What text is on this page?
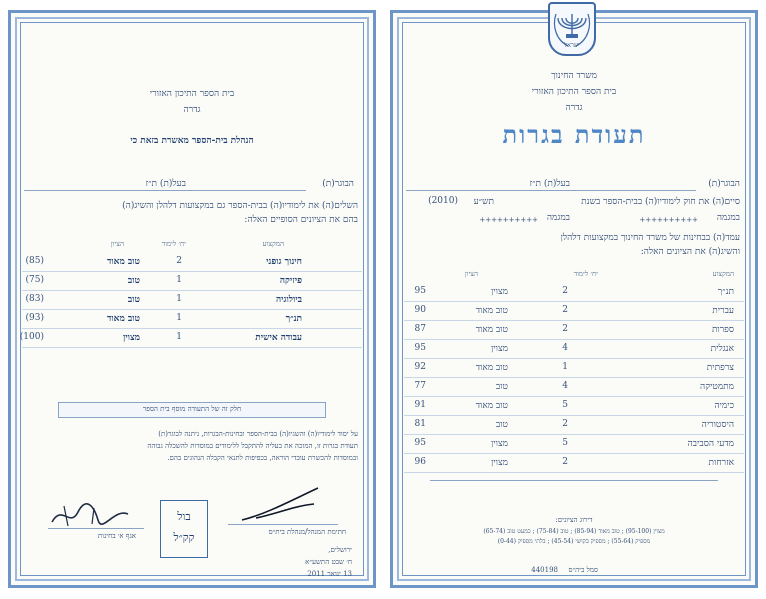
בית הספר התיכון האזורי
גדרה
הנהלת בית-הספר מאשרת בזאת כי
הבוגר(ת)
בעל(ת) ת״ז
השלים(ה) את לימודיו(ה) בבית-הספר גם במקצועות דלהלן והשיג(ה)
בהם את הציונים הסופיים האלה:
המקצוע
יח׳ לימוד
הציון
חלק זה של התעודה מוסף בית הספר
על יסוד לימודיו(ה) והשגיו(ה) בבית-הספר ובחינות-הבגרות, ניתנה לבוגר(ת)
תעודת בגרות זו, המזכה את בעליה להתקבל ללימודים במוסדות להשכלה גבוהה
ובמוסדות להכשרת עובדי הוראה, בכפיפות לתנאי הקבלה הנהוגים בהם.
אגף א׳ בחינות	חתימת המנהל/מנהלת בית״ס
בול
קק״ל
ירושלים,
ח׳ שבט התשע״א
13 ינואר 2011
חינוך גופני
2
טוב מאוד
(85)
פיזיקה
1
טוב
(75)
ביולוגיה
1
טוב
(83)
תנ״ך
1
טוב מאוד
(93)
עבודה אישית
1
מצוין
(100)
ישראל
משרד החינוך
בית הספר התיכון האזורי
גדרה
תעודת בגרות
הבוגר(ת)
בעל(ת) ת״ז
סיים(ה) את חוק לימודיו(ה) בבית-הספר בשנת
תש״ע
(2010)
במגמה
++++++++++
במגמה
++++++++++
עמד(ה) בבחינות של משרד החינוך במקצועות דלהלן
והשיג(ה) את הציונים האלה:
המקצוע
יח׳ לימוד
הציון
דירוג הציונים:
מצוין (95-100) ; טוב מאוד (85-94) ; טוב (75-84) ; כמעט טוב (65-74)
מספיק (55-64) ; מספיק בקושי (45-54) ; בלתי מספיק (0-44)
סמל ביה״ס
440198
תנ״ך
2
מצוין
95
עברית
2
טוב מאוד
90
ספרות
2
טוב מאוד
87
אנגלית
4
מצוין
95
צרפתית
1
טוב מאוד
92
מתמטיקה
4
טוב
77
כימיה
5
טוב מאוד
91
היסטוריה
2
טוב
81
מדעי הסביבה
5
מצוין
95
אזרחות
2
מצוין
96
